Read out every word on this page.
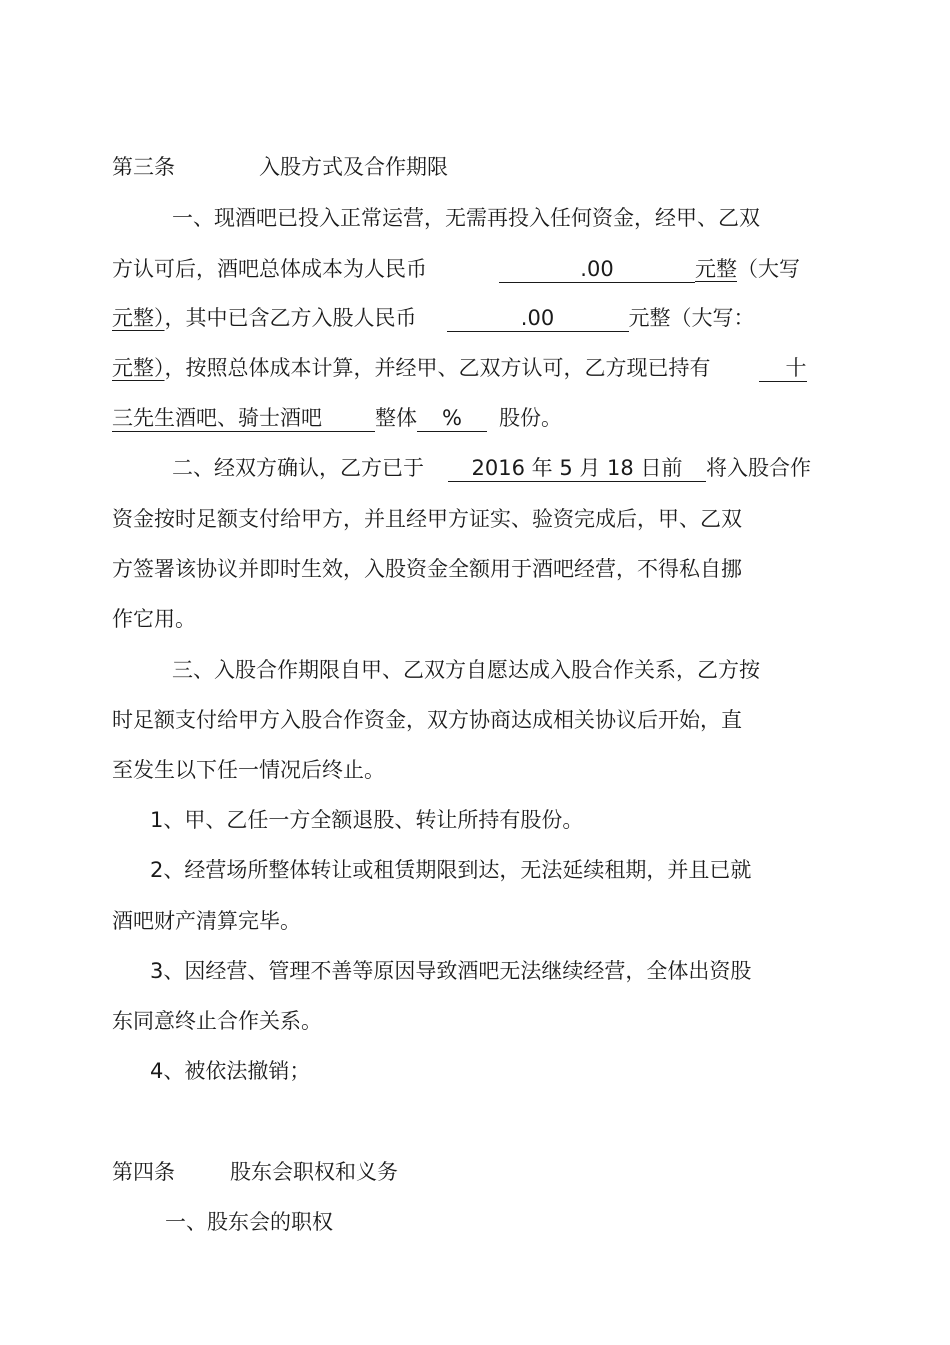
第三条	入股方式及合作期限
一、现酒吧已投入正常运营，无需再投入任何资金，经甲、乙双
方认可后，酒吧总体成本为人民币	.00	元整（大写
元整），其中已含乙方入股人民币	.00	元整（大写：
元整），按照总体成本计算，并经甲、乙双方认可，乙方现已持有	十
三先生酒吧、骑士酒吧	整体 % 股份。
二、经双方确认，乙方已于 2016 年 5 月 18 日前 将入股合作
资金按时足额支付给甲方，并且经甲方证实、验资完成后，甲、乙双
方签署该协议并即时生效，入股资金全额用于酒吧经营，不得私自挪
作它用。
三、入股合作期限自甲、乙双方自愿达成入股合作关系，乙方按
时足额支付给甲方入股合作资金，双方协商达成相关协议后开始，直
至发生以下任一情况后终止。
1、甲、乙任一方全额退股、转让所持有股份。
2、经营场所整体转让或租赁期限到达，无法延续租期，并且已就
酒吧财产清算完毕。
3、因经营、管理不善等原因导致酒吧无法继续经营，全体出资股
东同意终止合作关系。
4、被依法撤销；
第四条	股东会职权和义务
一、股东会的职权
